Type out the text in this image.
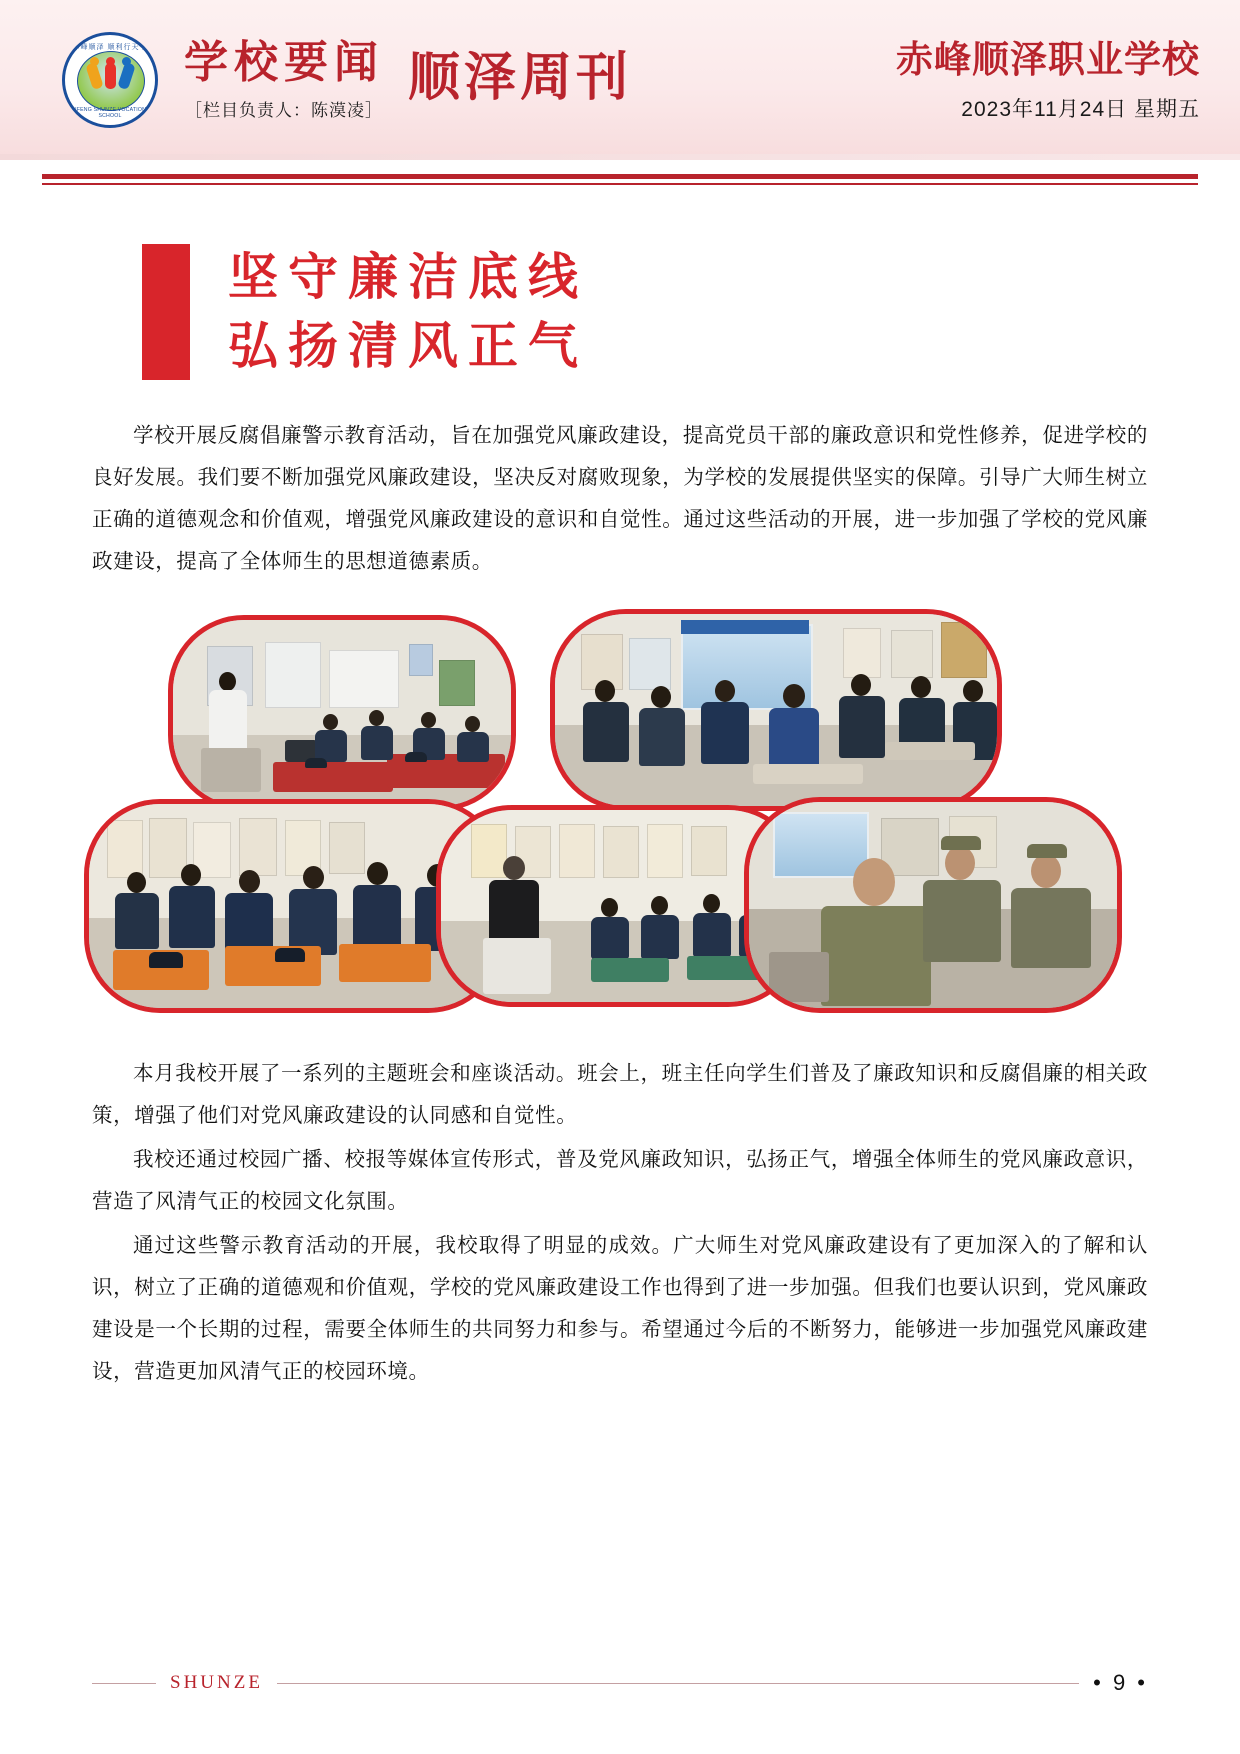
赤峰顺泽 顺利行天下
CHIFENG SHUNZE VOCATIONAL SCHOOL
学校要闻
［栏目负责人：陈漠凌］
顺泽周刊	赤峰顺泽职业学校
2023年11月24日 星期五
坚守廉洁底线
弘扬清风正气

学校开展反腐倡廉警示教育活动，旨在加强党风廉政建设，提高党员干部的廉政意识和党性修养，促进学校的良好发展。我们要不断加强党风廉政建设，坚决反对腐败现象，为学校的发展提供坚实的保障。引导广大师生树立正确的道德观念和价值观，增强党风廉政建设的意识和自觉性。通过这些活动的开展，进一步加强了学校的党风廉政建设，提高了全体师生的思想道德素质。

本月我校开展了一系列的主题班会和座谈活动。班会上，班主任向学生们普及了廉政知识和反腐倡廉的相关政策，增强了他们对党风廉政建设的认同感和自觉性。

我校还通过校园广播、校报等媒体宣传形式，普及党风廉政知识，弘扬正气，增强全体师生的党风廉政意识，营造了风清气正的校园文化氛围。

通过这些警示教育活动的开展，我校取得了明显的成效。广大师生对党风廉政建设有了更加深入的了解和认识，树立了正确的道德观和价值观，学校的党风廉政建设工作也得到了进一步加强。但我们也要认识到，党风廉政建设是一个长期的过程，需要全体师生的共同努力和参与。希望通过今后的不断努力，能够进一步加强党风廉政建设，营造更加风清气正的校园环境。

SHUNZE	• 9 •
